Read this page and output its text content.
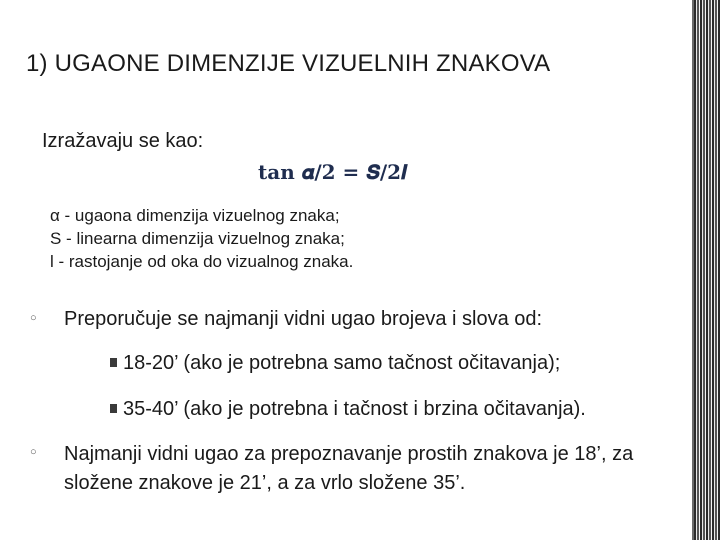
1) UGAONE DIMENZIJE VIZUELNIH ZNAKOVA
Izražavaju se kao:
tan 𝜶/𝟐 = 𝑺/𝟐𝒍
α - ugaona dimenzija vizuelnog znaka;
S - linearna dimenzija vizuelnog znaka;
l - rastojanje od oka do vizualnog znaka.
○ Preporučuje se najmanji vidni ugao brojeva i slova od:
18-20’ (ako je potrebna samo tačnost očitavanja);
35-40’ (ako je potrebna i tačnost i brzina očitavanja).
○ Najmanji vidni ugao za prepoznavanje prostih znakova je 18’, za složene znakove je 21’, a za vrlo složene 35’.
